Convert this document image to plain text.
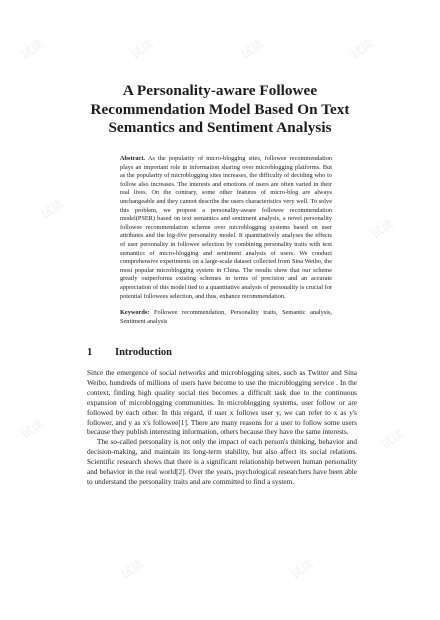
试读	试读	试读	试读
试读
试读
试读	试读
试读	试读
A Personality-aware Followee Recommendation Model Based On Text Semantics and Sentiment Analysis

Abstract. As the popularity of micro-blogging sites, followee recommendation plays an important role in information sharing over microblogging platforms. But as the popularity of microblogging sites increases, the difficulty of deciding who to follow also increases. The interests and emotions of users are often varied in their real lives. On the contrary, some other features of micro-blog are always unchangeable and they cannot describe the users characteristics very well. To solve this problem, we propose a personality-aware followee recommendation model(PSER) based on text semantics and sentiment analysis, a novel personality followee recommendation scheme over microblogging systems based on user attributes and the big-five personality model. It quantitatively analyses the effects of user personality in followee selection by combining personality traits with text semantics of micro-blogging and sentiment analysis of users. We conduct comprehensive experiments on a large-scale dataset collected from Sina Weibo, the most popular microblogging system in China. The results show that our scheme greatly outperforms existing schemes in terms of precision and an accurate appreciation of this model tied to a quantitative analysis of personality is crucial for potential followees selection, and thus, enhance recommendation.

Keywords: Followee recommendation, Personality traits, Semantic analysis, Sentiment analysis

1 Introduction

Since the emergence of social networks and microblogging sites, such as Twitter and Sina Weibo, hundreds of millions of users have become to use the microblogging service . In the context, finding high quality social ties becomes a difficult task due to the continuous expansion of microblogging communities. In microblogging systems, user follow or are followed by each other. In this regard, if user x follows user y, we can refer to x as y's follower, and y as x's followee[1]. There are many reasons for a user to follow some users because they publish interesting information, others because they have the same interests.

The so-called personality is not only the impact of each person's thinking, behavior and decision-making, and maintain its long-term stability, but also affect its social relations. Scientific research shows that there is a significant relationship between human personality and behavior in the real world[2]. Over the years, psychological researchers have been able to understand the personality traits and are committed to find a system.
